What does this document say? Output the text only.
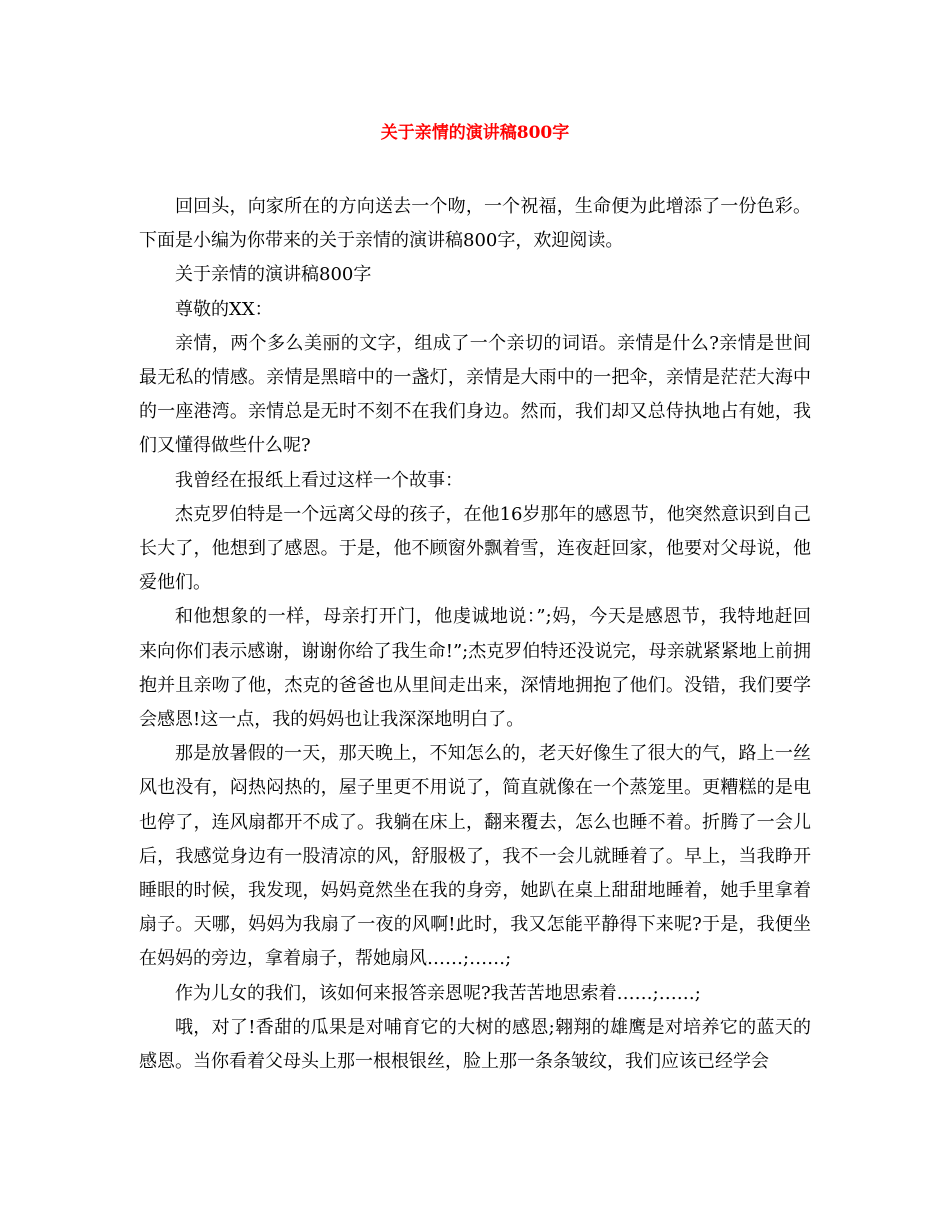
关于亲情的演讲稿800字

回回头，向家所在的方向送去一个吻，一个祝福，生命便为此增添了一份色彩。下面是小编为你带来的关于亲情的演讲稿800字，欢迎阅读。

关于亲情的演讲稿800字

尊敬的XX：

亲情，两个多么美丽的文字，组成了一个亲切的词语。亲情是什么?亲情是世间最无私的情感。亲情是黑暗中的一盏灯，亲情是大雨中的一把伞，亲情是茫茫大海中的一座港湾。亲情总是无时不刻不在我们身边。然而，我们却又总侍执地占有她，我们又懂得做些什么呢?

我曾经在报纸上看过这样一个故事：

杰克罗伯特是一个远离父母的孩子，在他16岁那年的感恩节，他突然意识到自己长大了，他想到了感恩。于是，他不顾窗外飘着雪，连夜赶回家，他要对父母说，他爱他们。

和他想象的一样，母亲打开门，他虔诚地说：”;妈，今天是感恩节，我特地赶回来向你们表示感谢，谢谢你给了我生命!”;杰克罗伯特还没说完，母亲就紧紧地上前拥抱并且亲吻了他，杰克的爸爸也从里间走出来，深情地拥抱了他们。没错，我们要学会感恩!这一点，我的妈妈也让我深深地明白了。

那是放暑假的一天，那天晚上，不知怎么的，老天好像生了很大的气，路上一丝风也没有，闷热闷热的，屋子里更不用说了，简直就像在一个蒸笼里。更糟糕的是电也停了，连风扇都开不成了。我躺在床上，翻来覆去，怎么也睡不着。折腾了一会儿后，我感觉身边有一股清凉的风，舒服极了，我不一会儿就睡着了。早上，当我睁开睡眼的时候，我发现，妈妈竟然坐在我的身旁，她趴在桌上甜甜地睡着，她手里拿着扇子。天哪，妈妈为我扇了一夜的风啊!此时，我又怎能平静得下来呢?于是，我便坐在妈妈的旁边，拿着扇子，帮她扇风……;……;

作为儿女的我们，该如何来报答亲恩呢?我苦苦地思索着……;……;

哦，对了!香甜的瓜果是对哺育它的大树的感恩;翱翔的雄鹰是对培养它的蓝天的感恩。当你看着父母头上那一根根银丝，脸上那一条条皱纹，我们应该已经学会
